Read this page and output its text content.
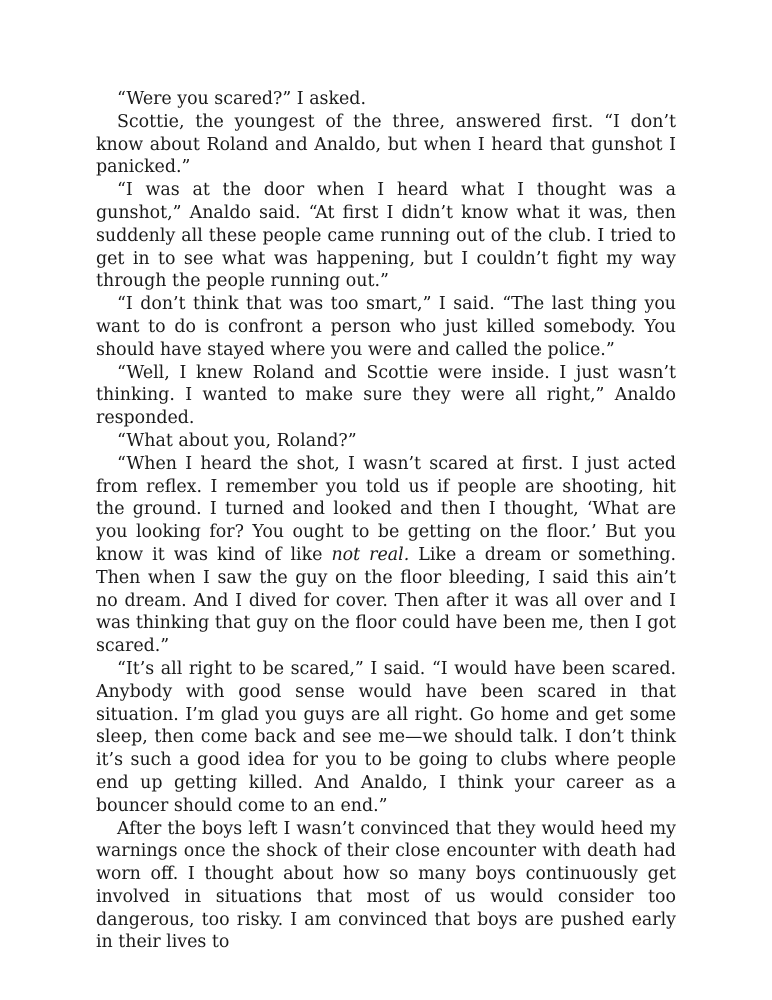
“Were you scared?” I asked.

Scottie, the youngest of the three, answered first. “I don’t know about Roland and Analdo, but when I heard that gunshot I panicked.”

“I was at the door when I heard what I thought was a gunshot,” Analdo said. “At first I didn’t know what it was, then suddenly all these people came running out of the club. I tried to get in to see what was happening, but I couldn’t fight my way through the people running out.”

“I don’t think that was too smart,” I said. “The last thing you want to do is confront a person who just killed somebody. You should have stayed where you were and called the police.”

“Well, I knew Roland and Scottie were inside. I just wasn’t thinking. I wanted to make sure they were all right,” Analdo responded.

“What about you, Roland?”

“When I heard the shot, I wasn’t scared at first. I just acted from reflex. I remember you told us if people are shooting, hit the ground. I turned and looked and then I thought, ‘What are you looking for? You ought to be getting on the floor.’ But you know it was kind of like not real. Like a dream or something. Then when I saw the guy on the floor bleeding, I said this ain’t no dream. And I dived for cover. Then after it was all over and I was thinking that guy on the floor could have been me, then I got scared.”

“It’s all right to be scared,” I said. “I would have been scared. Anybody with good sense would have been scared in that situation. I’m glad you guys are all right. Go home and get some sleep, then come back and see me—we should talk. I don’t think it’s such a good idea for you to be going to clubs where people end up getting killed. And Analdo, I think your career as a bouncer should come to an end.”

After the boys left I wasn’t convinced that they would heed my warnings once the shock of their close encounter with death had worn off. I thought about how so many boys continuously get involved in situations that most of us would consider too dangerous, too risky. I am convinced that boys are pushed early in their lives to
